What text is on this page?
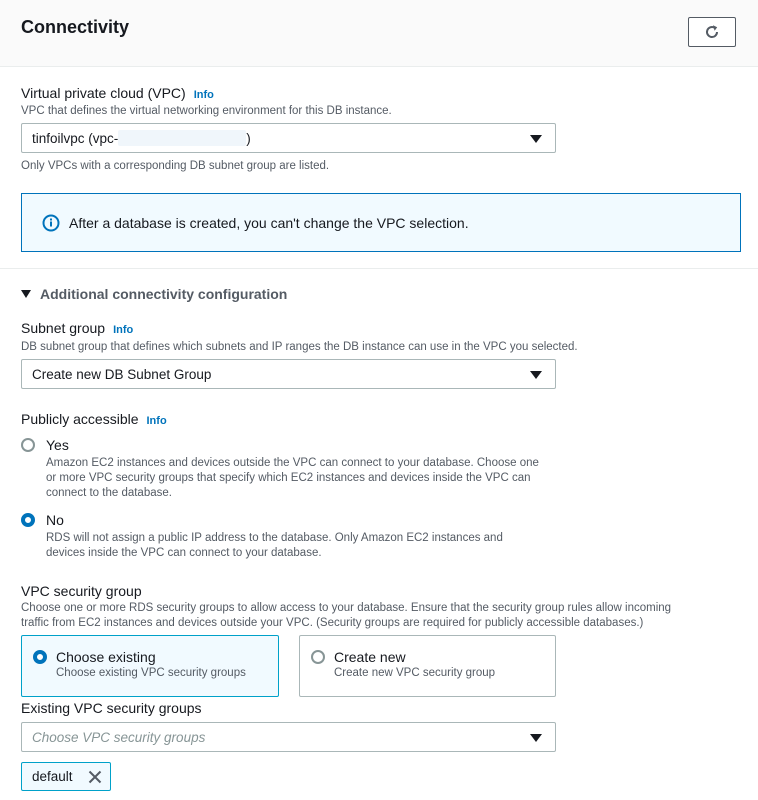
Connectivity
Virtual private cloud (VPC) Info
VPC that defines the virtual networking environment for this DB instance.
tinfoilvpc (vpc-	)
Only VPCs with a corresponding DB subnet group are listed.
After a database is created, you can't change the VPC selection.
Additional connectivity configuration
Subnet group Info
DB subnet group that defines which subnets and IP ranges the DB instance can use in the VPC you selected.
Create new DB Subnet Group
Publicly accessible Info
Yes
Amazon EC2 instances and devices outside the VPC can connect to your database. Choose one
or more VPC security groups that specify which EC2 instances and devices inside the VPC can
connect to the database.
No
RDS will not assign a public IP address to the database. Only Amazon EC2 instances and
devices inside the VPC can connect to your database.
VPC security group
Choose one or more RDS security groups to allow access to your database. Ensure that the security group rules allow incoming
traffic from EC2 instances and devices outside your VPC. (Security groups are required for publicly accessible databases.)
Choose existing
Choose existing VPC security groups
Create new
Create new VPC security group
Existing VPC security groups
Choose VPC security groups
default
